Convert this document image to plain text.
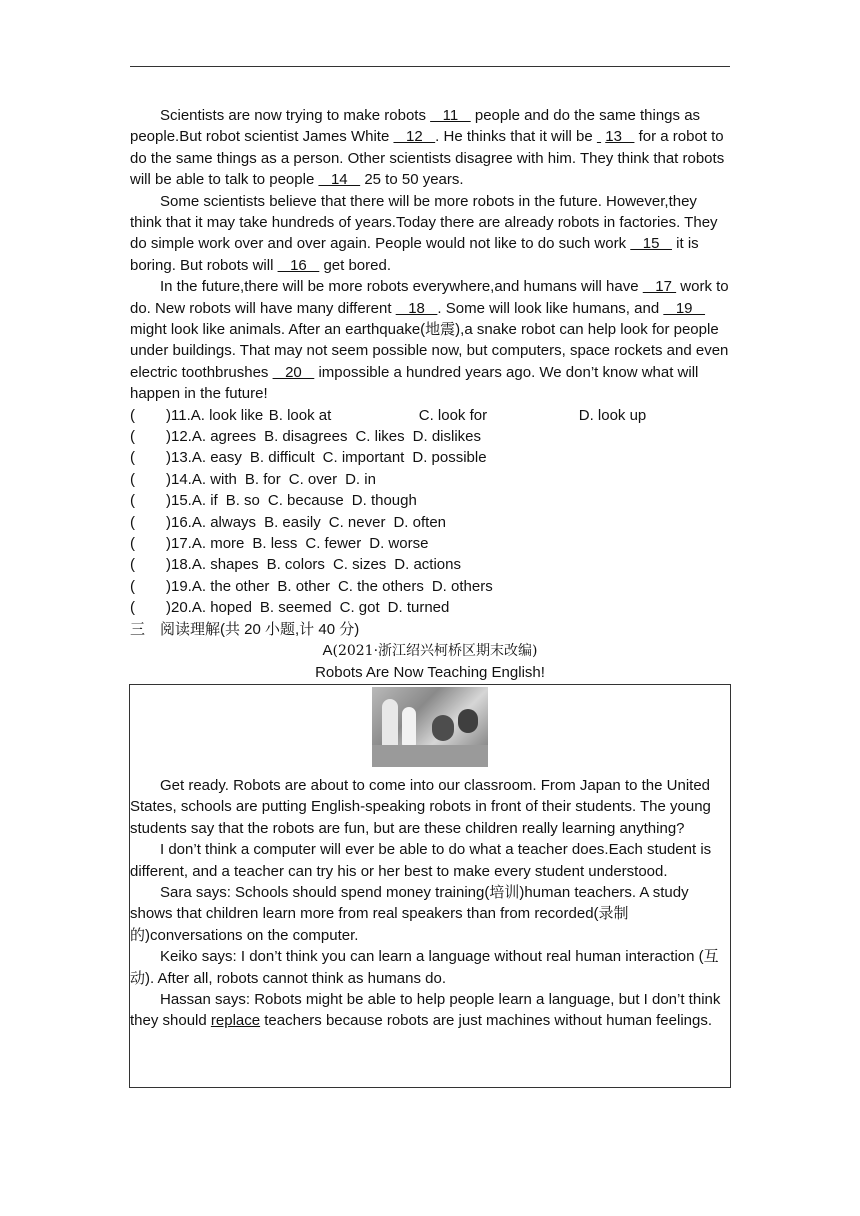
Scientists are now trying to make robots    11    people and do the same things as people.But robot scientist James White    12   . He thinks that it will be   13    for a robot to do the same things as a person. Other scientists disagree with him. They think that robots will be able to talk to people    14    25 to 50 years.

Some scientists believe that there will be more robots in the future. However,they think that it may take hundreds of years.Today there are already robots in factories. They do simple work over and over again. People would not like to do such work    15    it is boring. But robots will    16    get bored.

In the future,there will be more robots everywhere,and humans will have    17  work to do. New robots will have many different    18   . Some will look like humans, and    19    might look like animals. After an earthquake(地震),a snake robot can help look for people under buildings. That may not seem possible now, but computers, space rockets and even electric toothbrushes    20    impossible a hundred years ago. We don’t know what will happen in the future!

(	)11. A. look like B. look at	C. look for	D. look up
(	)12. A. agrees B. disagrees C. likes D. dislikes
(	)13. A. easy B. difficult C. important D. possible
(	)14. A. with B. for C. over D. in
(	)15. A. if B. so C. because D. though
(	)16. A. always B. easily C. never D. often
(	)17. A. more B. less C. fewer D. worse
(	)18. A. shapes B. colors C. sizes D. actions
(	)19. A. the other B. other C. the others D. others
(	)20. A. hoped B. seemed C. got D. turned

三　阅读理解(共 20 小题,计 40 分)

A(2021·浙江绍兴柯桥区期末改编)

Robots Are Now Teaching English!

Get ready. Robots are about to come into our classroom. From Japan to the United States, schools are putting English-speaking robots in front of their students. The young students say that the robots are fun, but are these children really learning anything?

I don’t think a computer will ever be able to do what a teacher does.Each student is different, and a teacher can try his or her best to make every student understood.

Sara says: Schools should spend money training(培训)human teachers. A study shows that children learn more from real speakers than from recorded(录制的)conversations on the computer.

Keiko says: I don’t think you can learn a language without real human interaction (互动). After all, robots cannot think as humans do.

Hassan says: Robots might be able to help people learn a language, but I don’t think they should replace teachers because robots are just machines without human feelings.
